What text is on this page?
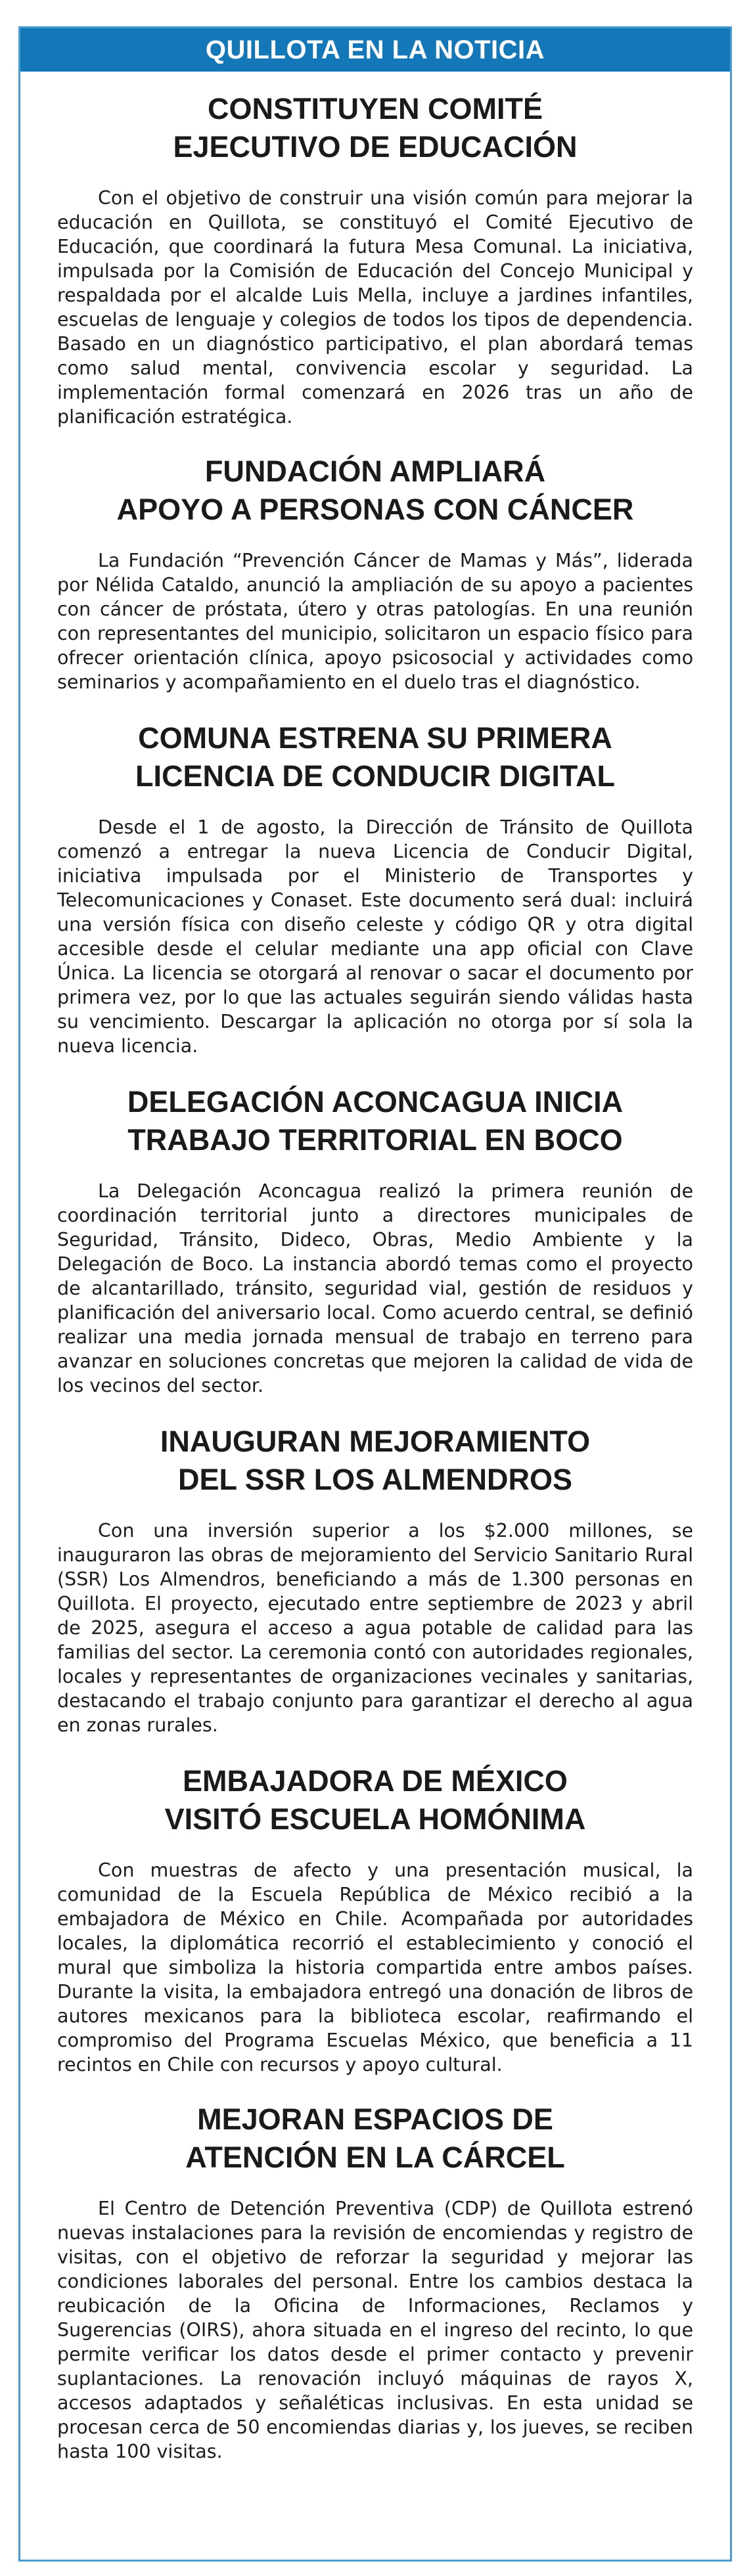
QUILLOTA EN LA NOTICIA
CONSTITUYEN COMITÉ
EJECUTIVO DE EDUCACIÓN

Con el objetivo de construir una visión común para mejorar la educación en Quillota, se constituyó el Comité Ejecutivo de Educación, que coordinará la futura Mesa Comunal. La iniciativa, impulsada por la Comisión de Educación del Concejo Municipal y respaldada por el alcalde Luis Mella, incluye a jardines infantiles, escuelas de lenguaje y colegios de todos los tipos de dependencia. Basado en un diagnóstico participativo, el plan abordará temas como salud mental, convivencia escolar y seguridad. La implementación formal comenzará en 2026 tras un año de planificación estratégica.

FUNDACIÓN AMPLIARÁ
APOYO A PERSONAS CON CÁNCER

La Fundación “Prevención Cáncer de Mamas y Más”, liderada por Nélida Cataldo, anunció la ampliación de su apoyo a pacientes con cáncer de próstata, útero y otras patologías. En una reunión con representantes del municipio, solicitaron un espacio físico para ofrecer orientación clínica, apoyo psicosocial y actividades como seminarios y acompañamiento en el duelo tras el diagnóstico.

COMUNA ESTRENA SU PRIMERA
LICENCIA DE CONDUCIR DIGITAL

Desde el 1 de agosto, la Dirección de Tránsito de Quillota comenzó a entregar la nueva Licencia de Conducir Digital, iniciativa impulsada por el Ministerio de Transportes y Telecomunicaciones y Conaset. Este documento será dual: incluirá una versión física con diseño celeste y código QR y otra digital accesible desde el celular mediante una app oficial con Clave Única. La licencia se otorgará al renovar o sacar el documento por primera vez, por lo que las actuales seguirán siendo válidas hasta su vencimiento. Descargar la aplicación no otorga por sí sola la nueva licencia.

DELEGACIÓN ACONCAGUA INICIA
TRABAJO TERRITORIAL EN BOCO

La Delegación Aconcagua realizó la primera reunión de coordinación territorial junto a directores municipales de Seguridad, Tránsito, Dideco, Obras, Medio Ambiente y la Delegación de Boco. La instancia abordó temas como el proyecto de alcantarillado, tránsito, seguridad vial, gestión de residuos y planificación del aniversario local. Como acuerdo central, se definió realizar una media jornada mensual de trabajo en terreno para avanzar en soluciones concretas que mejoren la calidad de vida de los vecinos del sector.

INAUGURAN MEJORAMIENTO
DEL SSR LOS ALMENDROS

Con una inversión superior a los $2.000 millones, se inauguraron las obras de mejoramiento del Servicio Sanitario Rural (SSR) Los Almendros, beneficiando a más de 1.300 personas en Quillota. El proyecto, ejecutado entre septiembre de 2023 y abril de 2025, asegura el acceso a agua potable de calidad para las familias del sector. La ceremonia contó con autoridades regionales, locales y representantes de organizaciones vecinales y sanitarias, destacando el trabajo conjunto para garantizar el derecho al agua en zonas rurales.

EMBAJADORA DE MÉXICO
VISITÓ ESCUELA HOMÓNIMA

Con muestras de afecto y una presentación musical, la comunidad de la Escuela República de México recibió a la embajadora de México en Chile. Acompañada por autoridades locales, la diplomática recorrió el establecimiento y conoció el mural que simboliza la historia compartida entre ambos países. Durante la visita, la embajadora entregó una donación de libros de autores mexicanos para la biblioteca escolar, reafirmando el compromiso del Programa Escuelas México, que beneficia a 11 recintos en Chile con recursos y apoyo cultural.

MEJORAN ESPACIOS DE
ATENCIÓN EN LA CÁRCEL

El Centro de Detención Preventiva (CDP) de Quillota estrenó nuevas instalaciones para la revisión de encomiendas y registro de visitas, con el objetivo de reforzar la seguridad y mejorar las condiciones laborales del personal. Entre los cambios destaca la reubicación de la Oficina de Informaciones, Reclamos y Sugerencias (OIRS), ahora situada en el ingreso del recinto, lo que permite verificar los datos desde el primer contacto y prevenir suplantaciones. La renovación incluyó máquinas de rayos X, accesos adaptados y señaléticas inclusivas. En esta unidad se procesan cerca de 50 encomiendas diarias y, los jueves, se reciben hasta 100 visitas.
